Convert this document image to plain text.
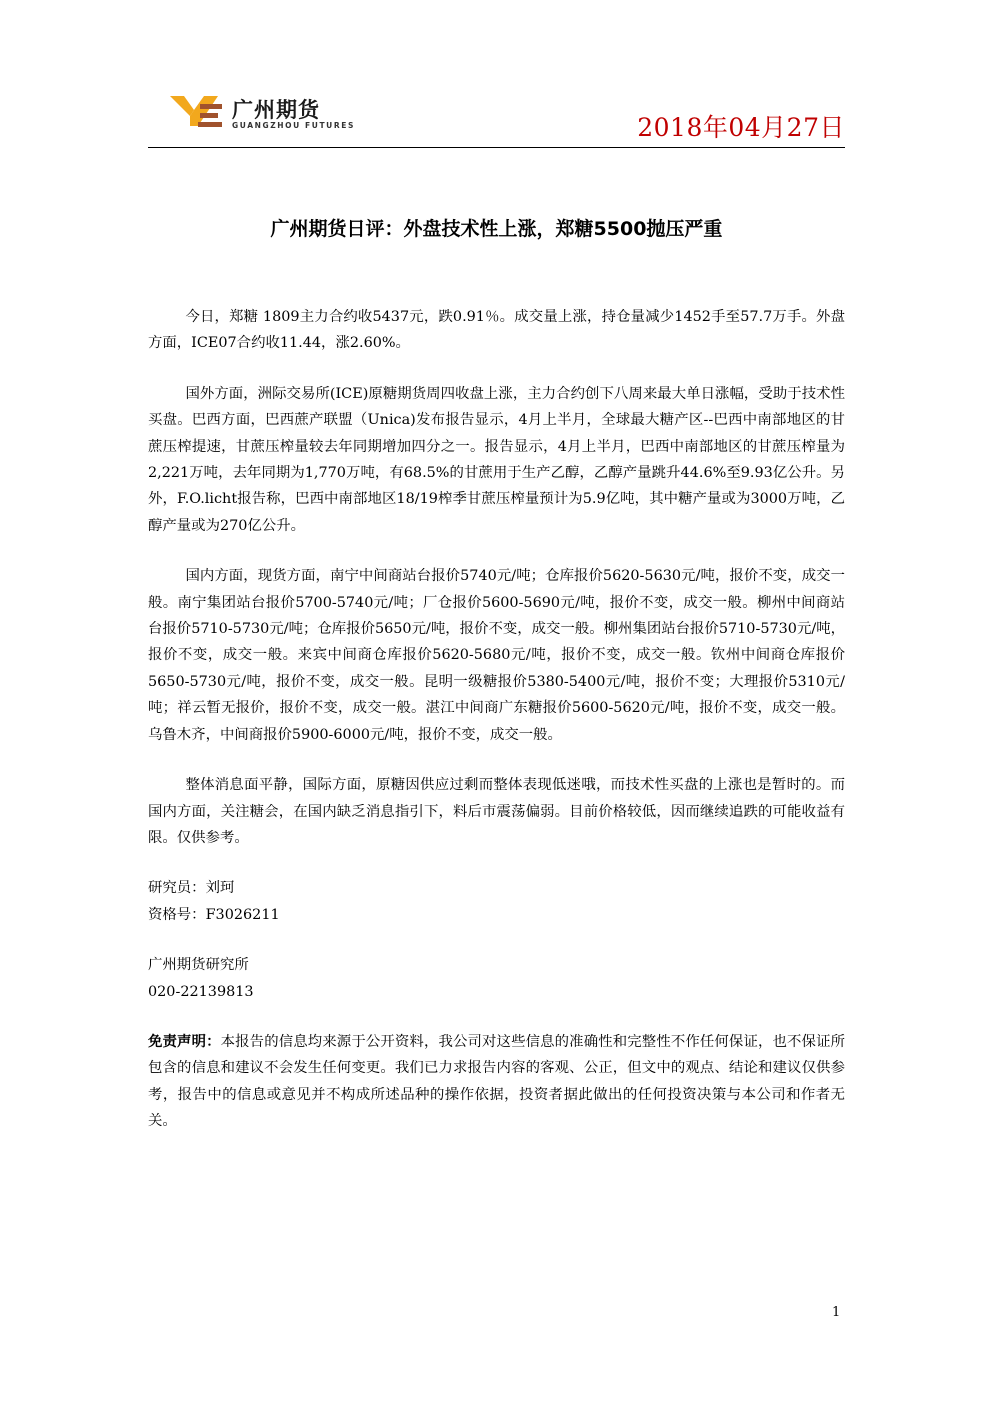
广州期货
GUANGZHOU FUTURES	2018年04月27日
广州期货日评：外盘技术性上涨，郑糖5500抛压严重

今日，郑糖 1809主力合约收5437元，跌0.91％。成交量上涨，持仓量减少1452手至57.7万手。外盘方面，ICE07合约收11.44，涨2.60%。

国外方面，洲际交易所(ICE)原糖期货周四收盘上涨，主力合约创下八周来最大单日涨幅，受助于技术性买盘。巴西方面，巴西蔗产联盟（Unica)发布报告显示，4月上半月，全球最大糖产区--巴西中南部地区的甘蔗压榨提速，甘蔗压榨量较去年同期增加四分之一。报告显示，4月上半月，巴西中南部地区的甘蔗压榨量为2,221万吨，去年同期为1,770万吨，有68.5%的甘蔗用于生产乙醇，乙醇产量跳升44.6%至9.93亿公升。另外，F.O.licht报告称，巴西中南部地区18/19榨季甘蔗压榨量预计为5.9亿吨，其中糖产量或为3000万吨，乙醇产量或为270亿公升。

国内方面，现货方面，南宁中间商站台报价5740元/吨；仓库报价5620-5630元/吨，报价不变，成交一般。南宁集团站台报价5700-5740元/吨；厂仓报价5600-5690元/吨，报价不变，成交一般。柳州中间商站台报价5710-5730元/吨；仓库报价5650元/吨，报价不变，成交一般。柳州集团站台报价5710-5730元/吨，报价不变，成交一般。来宾中间商仓库报价5620-5680元/吨，报价不变，成交一般。钦州中间商仓库报价5650-5730元/吨，报价不变，成交一般。昆明一级糖报价5380-5400元/吨，报价不变；大理报价5310元/吨；祥云暂无报价，报价不变，成交一般。湛江中间商广东糖报价5600-5620元/吨，报价不变，成交一般。乌鲁木齐，中间商报价5900-6000元/吨，报价不变，成交一般。

整体消息面平静，国际方面，原糖因供应过剩而整体表现低迷哦，而技术性买盘的上涨也是暂时的。而国内方面，关注糖会，在国内缺乏消息指引下，料后市震荡偏弱。目前价格较低，因而继续追跌的可能收益有限。仅供参考。

研究员：刘珂

资格号：F3026211

广州期货研究所

020-22139813

免责声明：本报告的信息均来源于公开资料，我公司对这些信息的准确性和完整性不作任何保证，也不保证所包含的信息和建议不会发生任何变更。我们已力求报告内容的客观、公正，但文中的观点、结论和建议仅供参考，报告中的信息或意见并不构成所述品种的操作依据，投资者据此做出的任何投资决策与本公司和作者无关。

1
